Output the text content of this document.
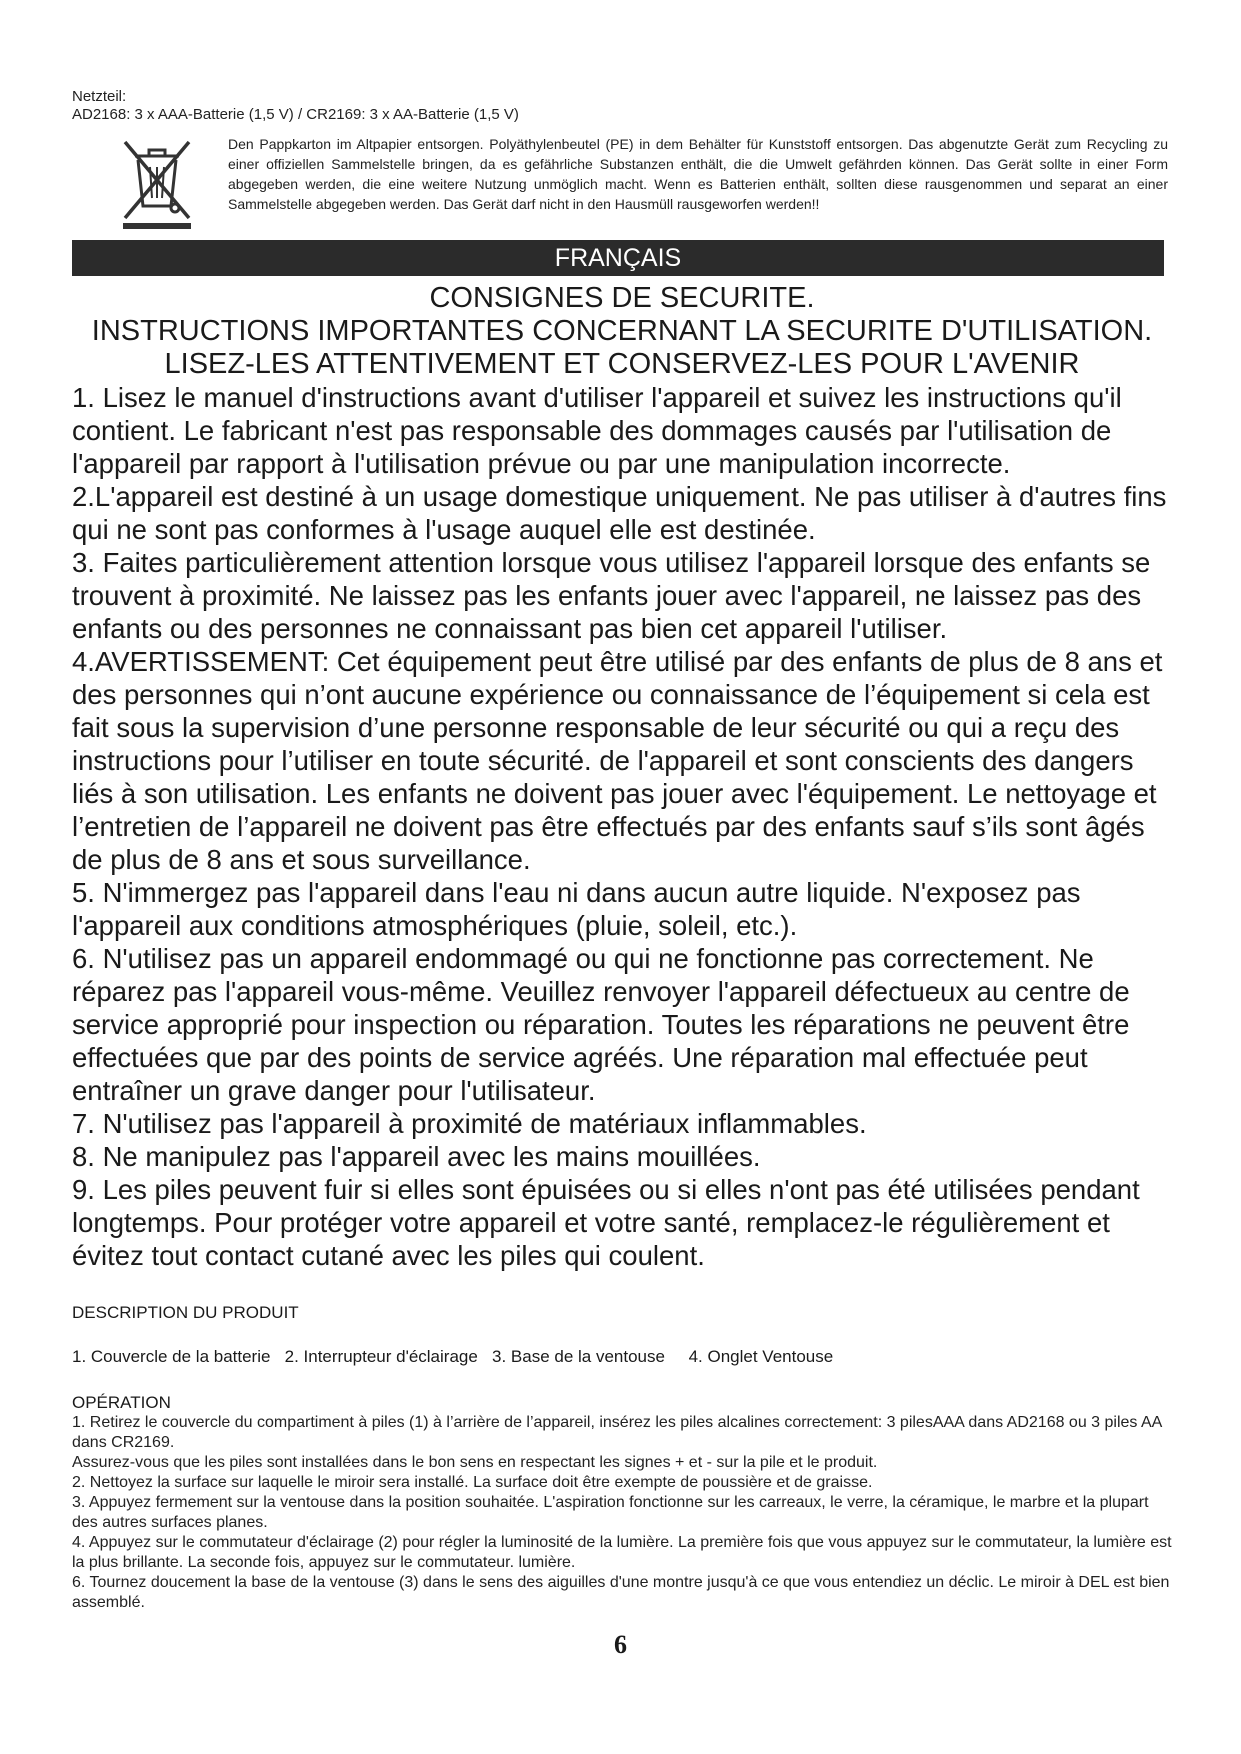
Netzteil:
AD2168: 3 x AAA-Batterie (1,5 V) / CR2169: 3 x AA-Batterie (1,5 V)
Den Pappkarton im Altpapier entsorgen. Polyäthylenbeutel (PE) in dem Behälter für Kunststoff entsorgen. Das abgenutzte Gerät zum Recycling zu einer offiziellen Sammelstelle bringen, da es gefährliche Substanzen enthält, die die Umwelt gefährden können. Das Gerät sollte in einer Form abgegeben werden, die eine weitere Nutzung unmöglich macht. Wenn es Batterien enthält, sollten diese rausgenommen und separat an einer Sammelstelle abgegeben werden. Das Gerät darf nicht in den Hausmüll rausgeworfen werden!!
FRANÇAIS

CONSIGNES DE SECURITE.

INSTRUCTIONS IMPORTANTES CONCERNANT LA SECURITE D'UTILISATION.

LISEZ-LES ATTENTIVEMENT ET CONSERVEZ-LES POUR L'AVENIR

1. Lisez le manuel d'instructions avant d'utiliser l'appareil et suivez les instructions qu'il contient. Le fabricant n'est pas responsable des dommages causés par l'utilisation de l'appareil par rapport à l'utilisation prévue ou par une manipulation incorrecte.

2.L'appareil est destiné à un usage domestique uniquement. Ne pas utiliser à d'autres fins qui ne sont pas conformes à l'usage auquel elle est destinée.

3. Faites particulièrement attention lorsque vous utilisez l'appareil lorsque des enfants se trouvent à proximité. Ne laissez pas les enfants jouer avec l'appareil, ne laissez pas des enfants ou des personnes ne connaissant pas bien cet appareil l'utiliser.

4.AVERTISSEMENT: Cet équipement peut être utilisé par des enfants de plus de 8 ans et des personnes qui n’ont aucune expérience ou connaissance de l’équipement si cela est fait sous la supervision d’une personne responsable de leur sécurité ou qui a reçu des instructions pour l’utiliser en toute sécurité. de l'appareil et sont conscients des dangers liés à son utilisation. Les enfants ne doivent pas jouer avec l'équipement. Le nettoyage et l’entretien de l’appareil ne doivent pas être effectués par des enfants sauf s’ils sont âgés de plus de 8 ans et sous surveillance.

5. N'immergez pas l'appareil dans l'eau ni dans aucun autre liquide. N'exposez pas l'appareil aux conditions atmosphériques (pluie, soleil, etc.).

6. N'utilisez pas un appareil endommagé ou qui ne fonctionne pas correctement. Ne réparez pas l'appareil vous-même. Veuillez renvoyer l'appareil défectueux au centre de service approprié pour inspection ou réparation. Toutes les réparations ne peuvent être effectuées que par des points de service agréés. Une réparation mal effectuée peut entraîner un grave danger pour l'utilisateur.

7. N'utilisez pas l'appareil à proximité de matériaux inflammables.

8. Ne manipulez pas l'appareil avec les mains mouillées.

9. Les piles peuvent fuir si elles sont épuisées ou si elles n'ont pas été utilisées pendant longtemps. Pour protéger votre appareil et votre santé, remplacez-le régulièrement et évitez tout contact cutané avec les piles qui coulent.

DESCRIPTION DU PRODUIT
1. Couvercle de la batterie 2. Interrupteur d'éclairage 3. Base de la ventouse 4. Onglet Ventouse
OPÉRATION

1. Retirez le couvercle du compartiment à piles (1) à l’arrière de l’appareil, insérez les piles alcalines correctement: 3 pilesAAA dans AD2168 ou 3 piles AA dans CR2169.

Assurez-vous que les piles sont installées dans le bon sens en respectant les signes + et - sur la pile et le produit.

2. Nettoyez la surface sur laquelle le miroir sera installé. La surface doit être exempte de poussière et de graisse.

3. Appuyez fermement sur la ventouse dans la position souhaitée. L'aspiration fonctionne sur les carreaux, le verre, la céramique, le marbre et la plupart des autres surfaces planes.

4. Appuyez sur le commutateur d'éclairage (2) pour régler la luminosité de la lumière. La première fois que vous appuyez sur le commutateur, la lumière est la plus brillante. La seconde fois, appuyez sur le commutateur. lumière.

6. Tournez doucement la base de la ventouse (3) dans le sens des aiguilles d'une montre jusqu'à ce que vous entendiez un déclic. Le miroir à DEL est bien assemblé.

6
